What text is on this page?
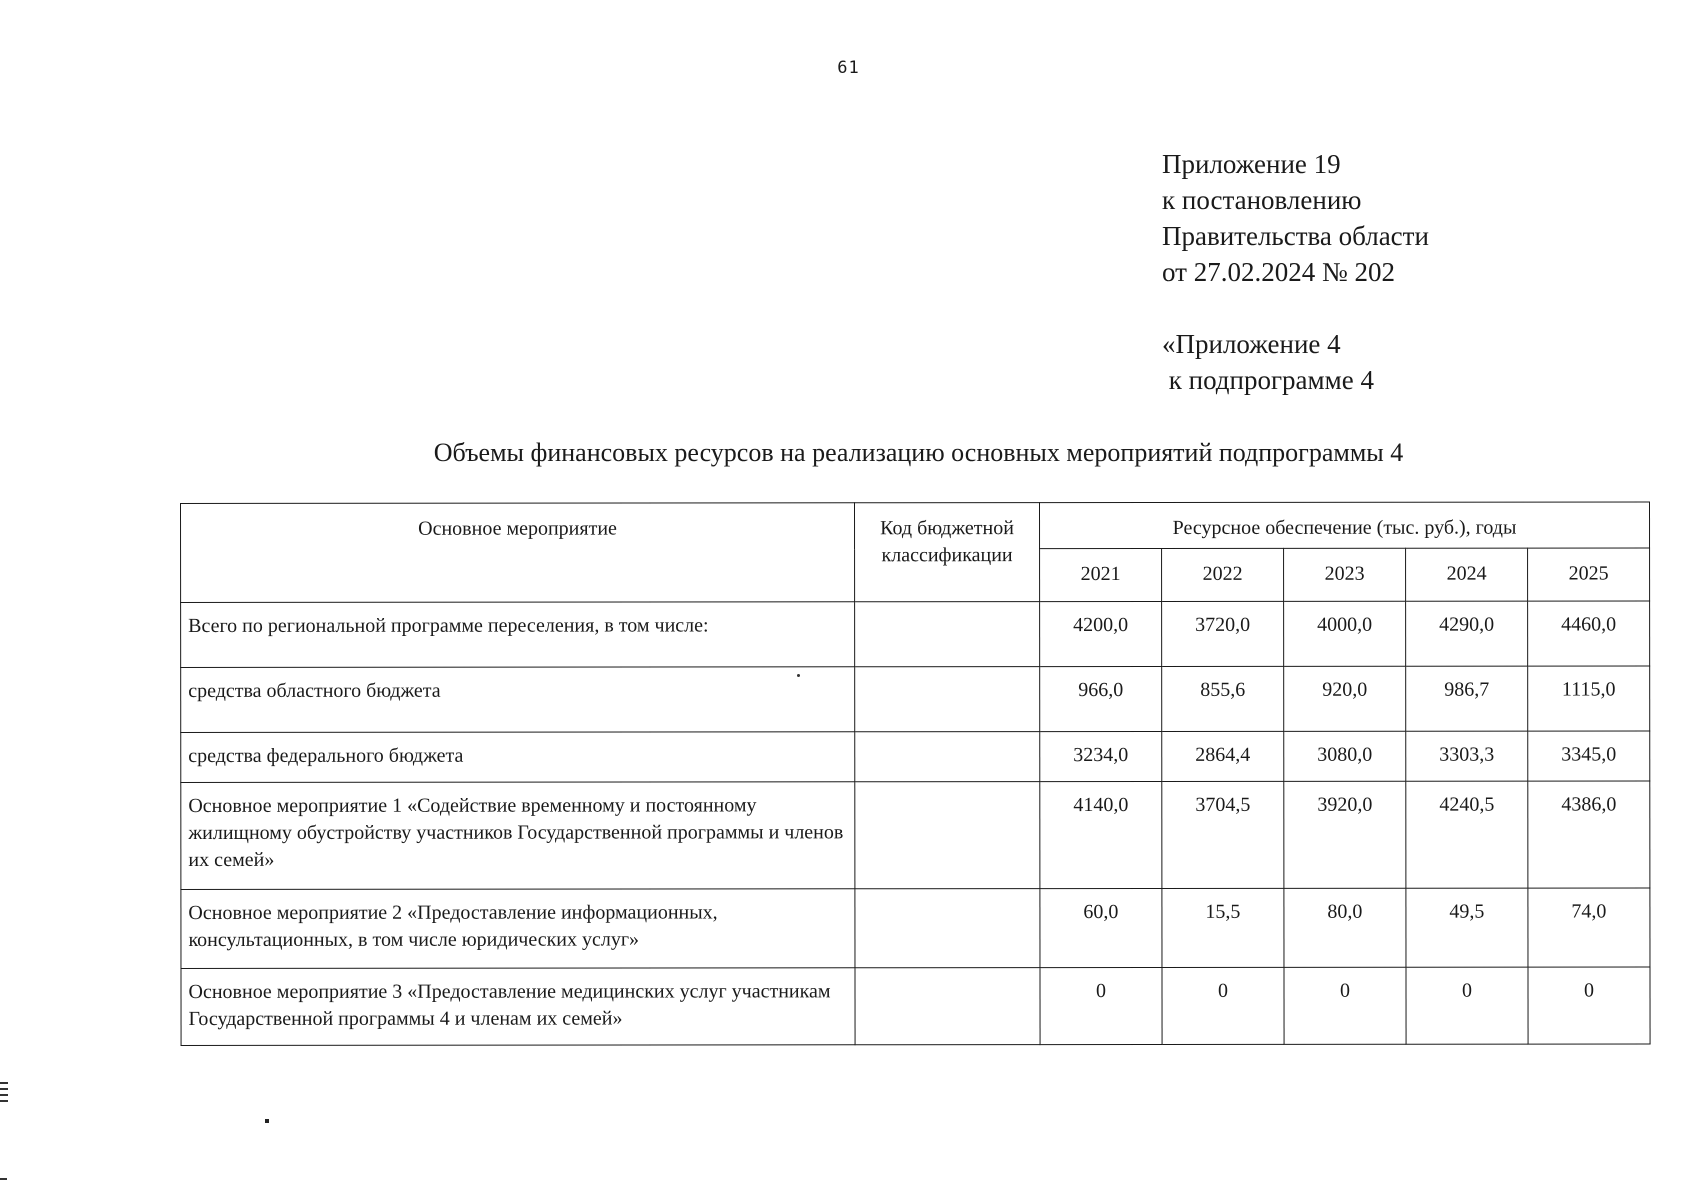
61
Приложение 19
к постановлению
Правительства области
от 27.02.2024 № 202
«Приложение 4
к подпрограмме 4
Объемы финансовых ресурсов на реализацию основных мероприятий подпрограммы 4
Основное мероприятие	Код бюджетной классификации	Ресурсное обеспечение (тыс. руб.), годы				
		2021	2022	2023	2024	2025
Всего по региональной программе переселения, в том числе:		4200,0	3720,0	4000,0	4290,0	4460,0
средства областного бюджета		966,0	855,6	920,0	986,7	1115,0
средства федерального бюджета		3234,0	2864,4	3080,0	3303,3	3345,0
Основное мероприятие 1 «Содействие временному и постоянному жилищному обустройству участников Государственной программы и членов их семей»		4140,0	3704,5	3920,0	4240,5	4386,0
Основное мероприятие 2 «Предоставление информационных, консультационных, в том числе юридических услуг»		60,0	15,5	80,0	49,5	74,0
Основное мероприятие 3 «Предоставление медицинских услуг участникам Государственной программы 4 и членам их семей»		0	0	0	0	0
